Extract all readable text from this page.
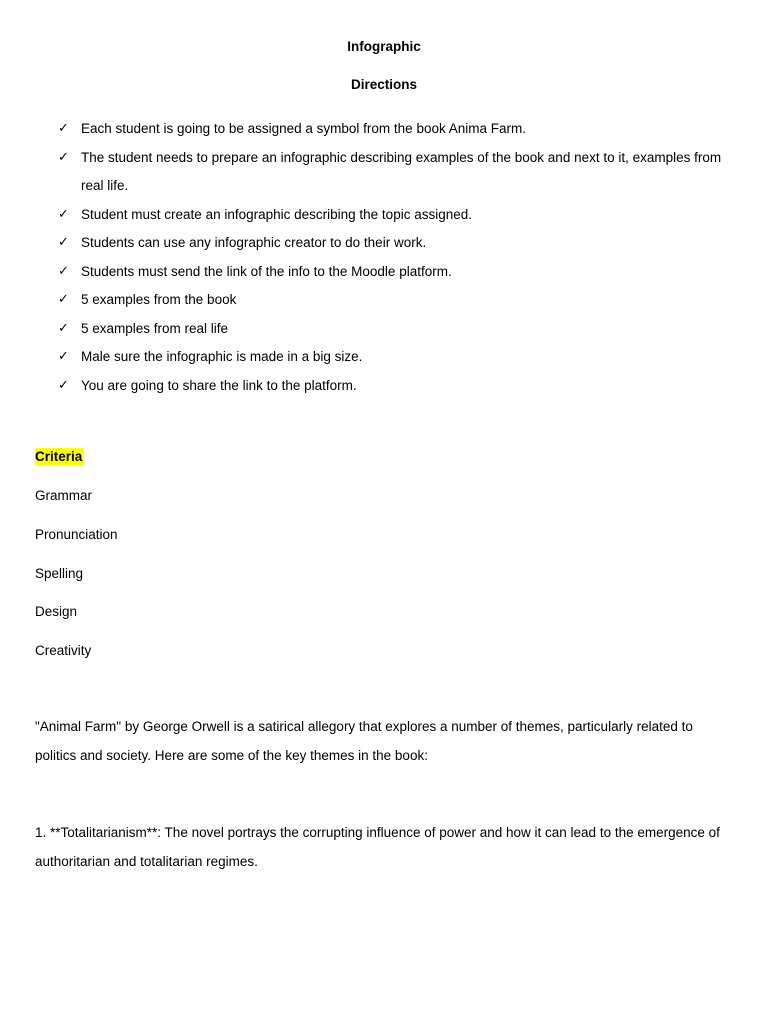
Infographic
Directions
✓ Each student is going to be assigned a symbol from the book Anima Farm.
✓ The student needs to prepare an infographic describing examples of the book and next to it, examples from real life.
✓ Student must create an infographic describing the topic assigned.
✓ Students can use any infographic creator to do their work.
✓ Students must send the link of the info to the Moodle platform.
✓ 5 examples from the book
✓ 5 examples from real life
✓ Male sure the infographic is made in a big size.
✓ You are going to share the link to the platform.
Criteria
Grammar
Pronunciation
Spelling
Design
Creativity
"Animal Farm" by George Orwell is a satirical allegory that explores a number of themes, particularly related to politics and society. Here are some of the key themes in the book:
1. **Totalitarianism**: The novel portrays the corrupting influence of power and how it can lead to the emergence of authoritarian and totalitarian regimes.
